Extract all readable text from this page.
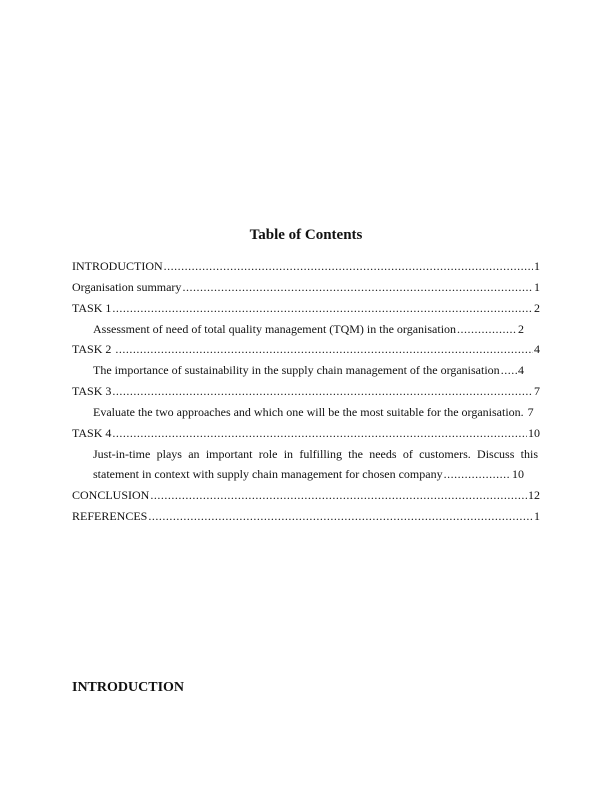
Table of Contents
INTRODUCTION .....	1
Organisation summary .....	1
TASK 1 .....	2
Assessment of need of total quality management (TQM) in the organisation .....	2
TASK 2 .....	4
The importance of sustainability in the supply chain management of the organisation ..... 4
TASK 3 .....	7
Evaluate the two approaches and which one will be the most suitable for the organisation. 7
TASK 4 .....	10
Just-in-time plays an important role in fulfilling the needs of customers. Discuss this
statement in context with supply chain management for chosen company .....	10
CONCLUSION .....	12
REFERENCES .....	1
INTRODUCTION
